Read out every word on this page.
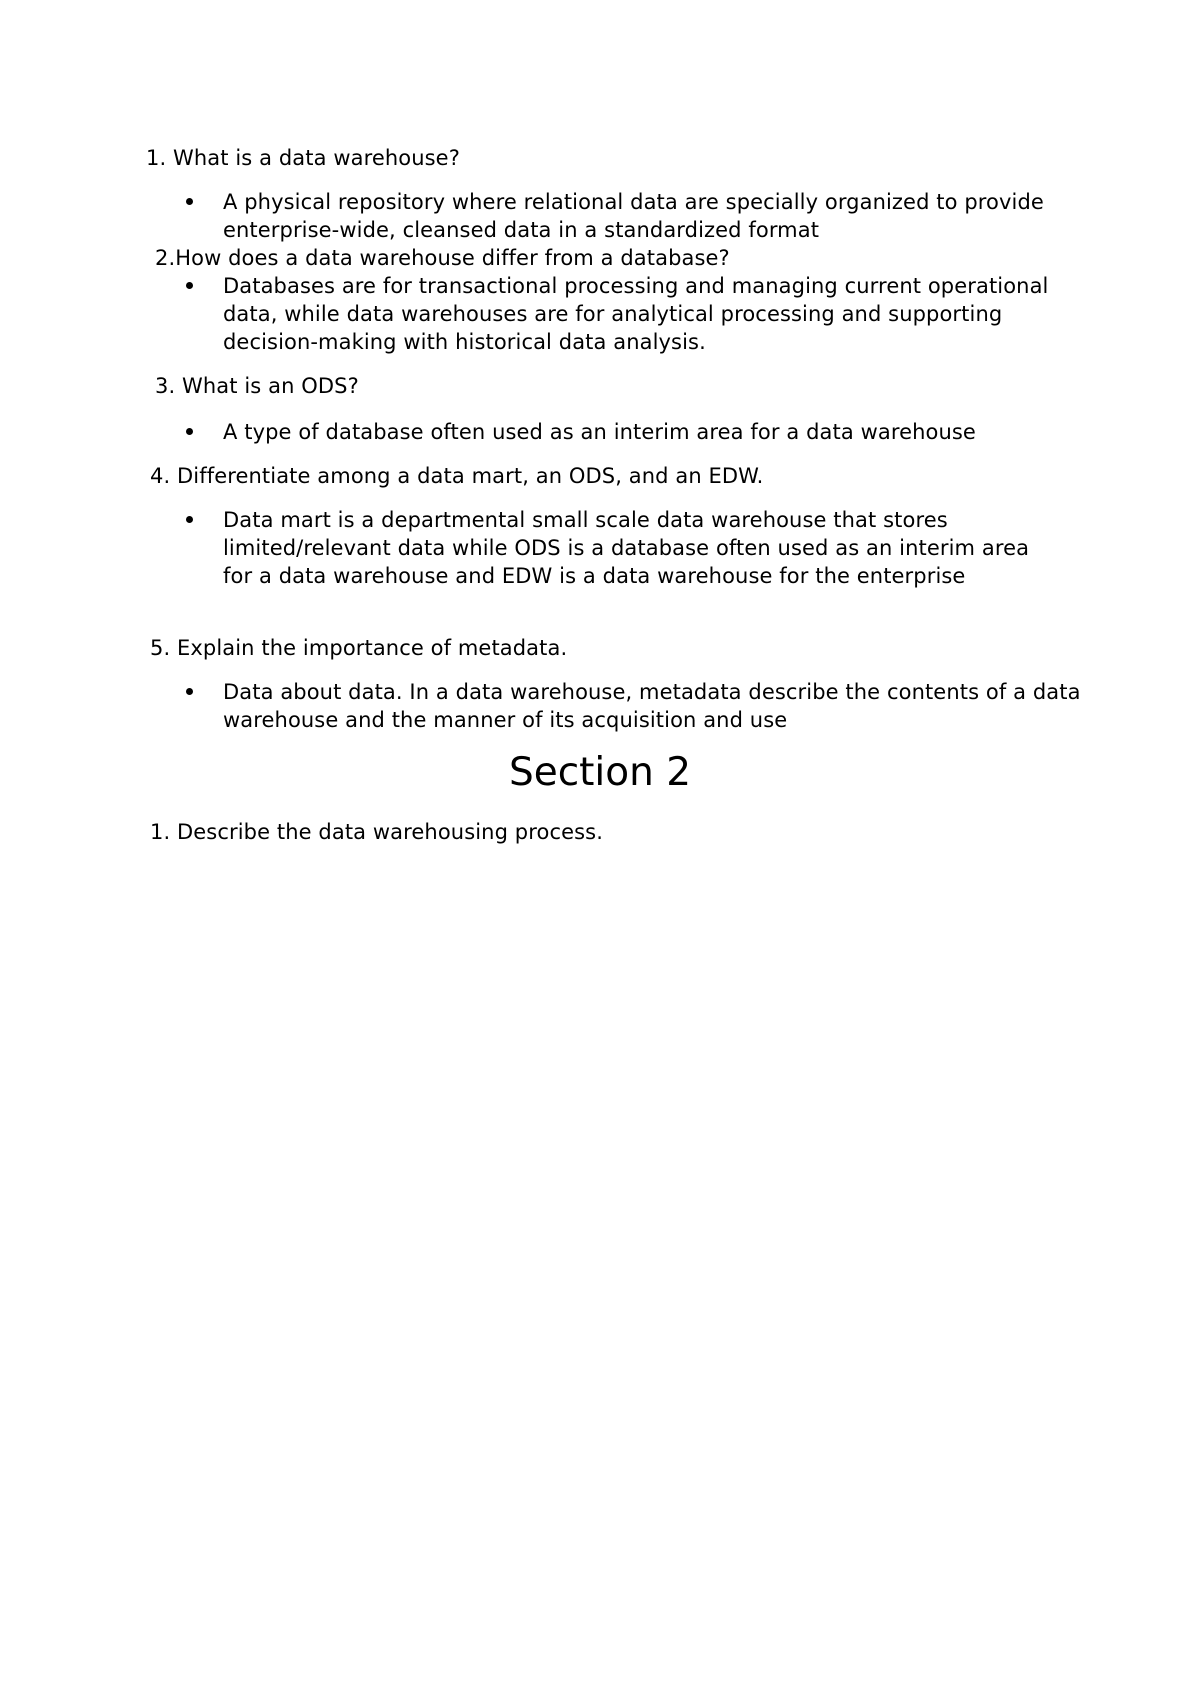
1. What is a data warehouse?
A physical repository where relational data are specially organized to provide enterprise-wide, cleansed data in a standardized format
2.How does a data warehouse differ from a database?
Databases are for transactional processing and managing current operational data, while data warehouses are for analytical processing and supporting decision-making with historical data analysis.
3. What is an ODS?
A type of database often used as an interim area for a data warehouse
4. Differentiate among a data mart, an ODS, and an EDW.
Data mart is a departmental small scale data warehouse that stores limited/relevant data while ODS is a database often used as an interim area for a data warehouse and EDW is a data warehouse for the enterprise
5. Explain the importance of metadata.
Data about data. In a data warehouse, metadata describe the contents of a data warehouse and the manner of its acquisition and use
Section 2
1. Describe the data warehousing process.
